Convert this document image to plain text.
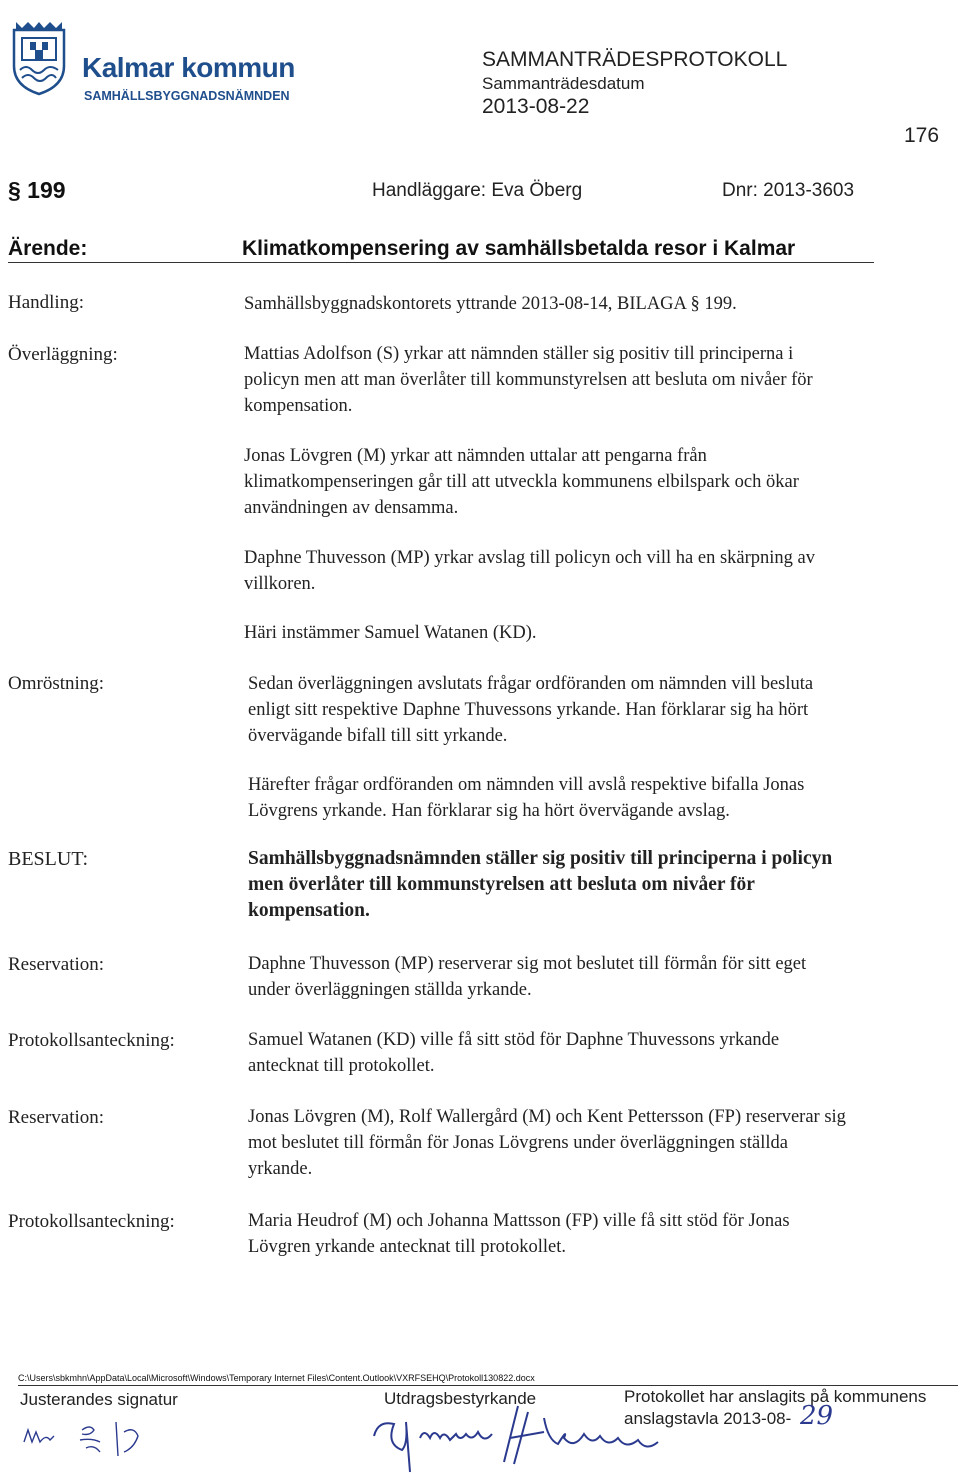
Kalmar kommun
SAMHÄLLSBYGGNADSNÄMNDEN
SAMMANTRÄDESPROTOKOLL
Sammanträdesdatum
2013-08-22
176
§ 199	Handläggare: Eva Öberg	Dnr: 2013-3603
Ärende:	Klimatkompensering av samhällsbetalda resor i Kalmar
Handling:	Samhällsbyggnadskontorets yttrande 2013-08-14, BILAGA § 199.
Överläggning:	Mattias Adolfson (S) yrkar att nämnden ställer sig positiv till principerna i
policyn men att man överlåter till kommunstyrelsen att besluta om nivåer för
kompensation.
Jonas Lövgren (M) yrkar att nämnden uttalar att pengarna från
klimatkompenseringen går till att utveckla kommunens elbilspark och ökar
användningen av densamma.
Daphne Thuvesson (MP) yrkar avslag till policyn och vill ha en skärpning av
villkoren.
Häri instämmer Samuel Watanen (KD).
Omröstning:	Sedan överläggningen avslutats frågar ordföranden om nämnden vill besluta
enligt sitt respektive Daphne Thuvessons yrkande. Han förklarar sig ha hört
övervägande bifall till sitt yrkande.
Härefter frågar ordföranden om nämnden vill avslå respektive bifalla Jonas
Lövgrens yrkande. Han förklarar sig ha hört övervägande avslag.
BESLUT:	Samhällsbyggnadsnämnden ställer sig positiv till principerna i policyn
men överlåter till kommunstyrelsen att besluta om nivåer för
kompensation.
Reservation:	Daphne Thuvesson (MP) reserverar sig mot beslutet till förmån för sitt eget
under överläggningen ställda yrkande.
Protokollsanteckning:	Samuel Watanen (KD) ville få sitt stöd för Daphne Thuvessons yrkande
antecknat till protokollet.
Reservation:	Jonas Lövgren (M), Rolf Wallergård (M) och Kent Pettersson (FP) reserverar sig
mot beslutet till förmån för Jonas Lövgrens under överläggningen ställda
yrkande.
Protokollsanteckning:	Maria Heudrof (M) och Johanna Mattsson (FP) ville få sitt stöd för Jonas
Lövgren yrkande antecknat till protokollet.
C:\Users\sbkmhn\AppData\Local\Microsoft\Windows\Temporary Internet Files\Content.Outlook\VXRFSEHQ\Protokoll130822.docx
Justerandes signatur	Utdragsbestyrkande	Protokollet har anslagits på kommunens
anslagstavla 2013-08- 29
